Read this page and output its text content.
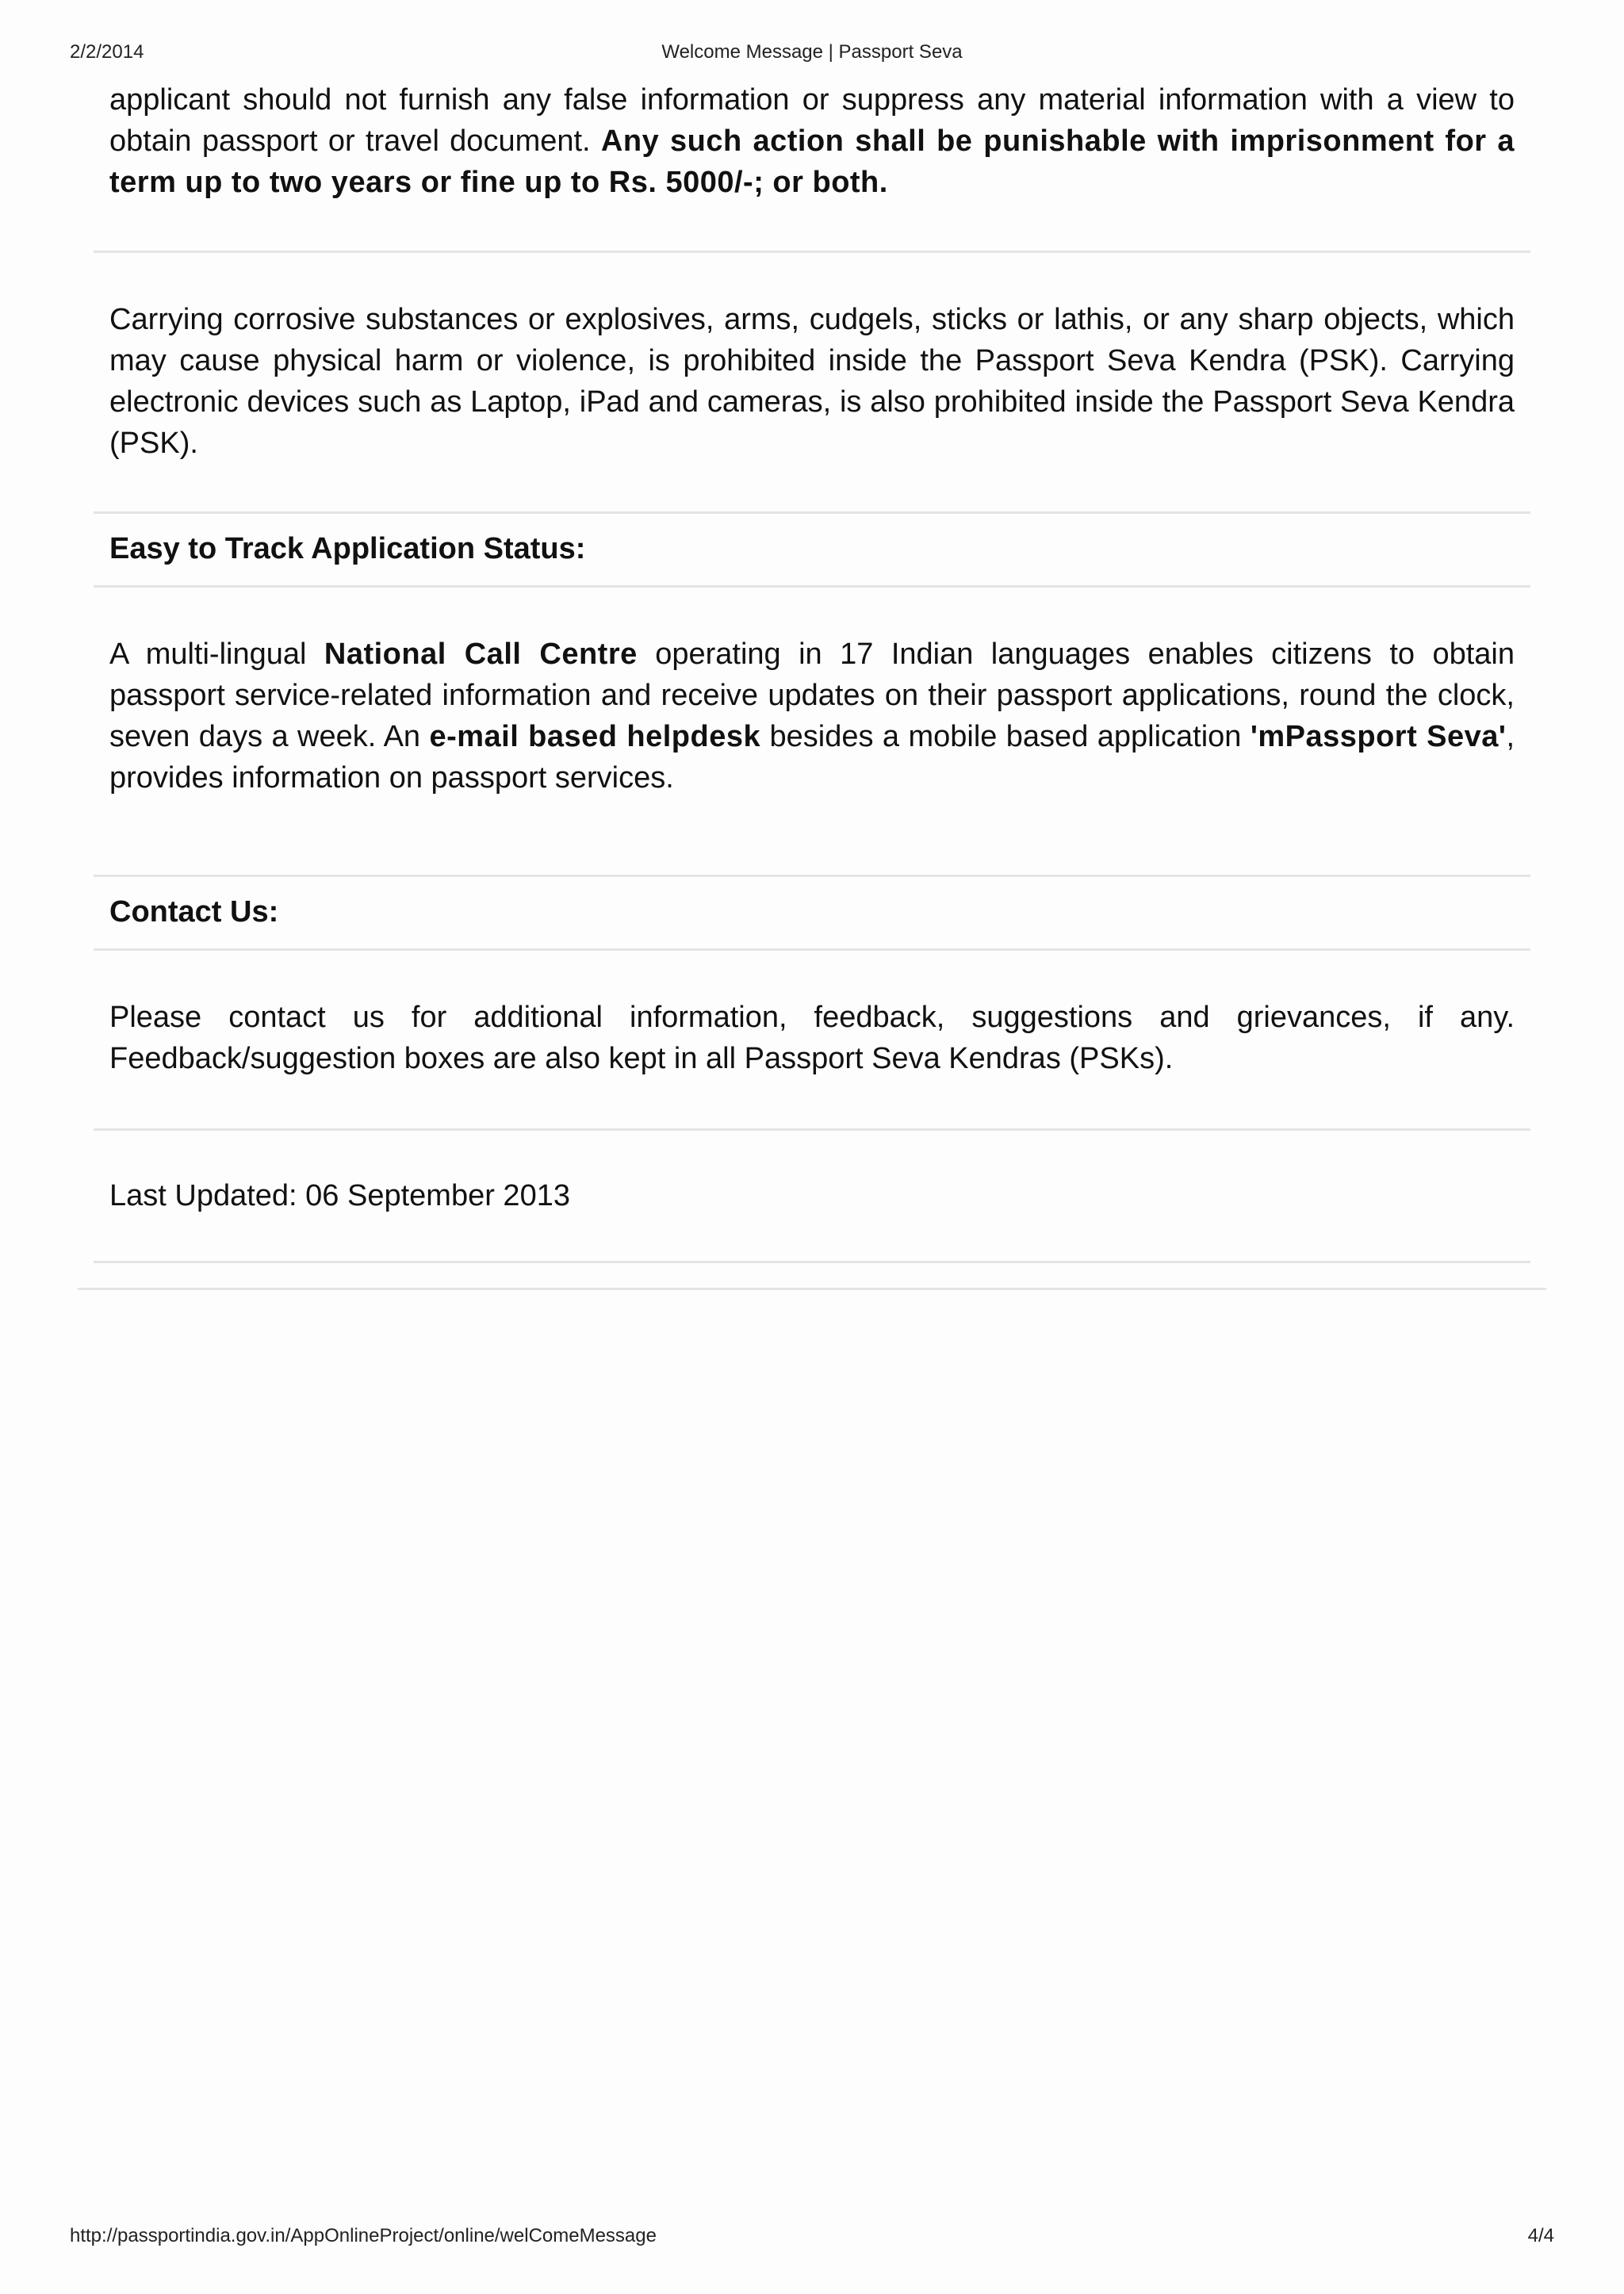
2/2/2014	Welcome Message | Passport Seva

applicant should not furnish any false information or suppress any material information with a view to obtain passport or travel document. Any such action shall be punishable with imprisonment for a term up to two years or fine up to Rs. 5000/-; or both.

Carrying corrosive substances or explosives, arms, cudgels, sticks or lathis, or any sharp objects, which may cause physical harm or violence, is prohibited inside the Passport Seva Kendra (PSK). Carrying electronic devices such as Laptop, iPad and cameras, is also prohibited inside the Passport Seva Kendra (PSK).

Easy to Track Application Status:

A multi-lingual National Call Centre operating in 17 Indian languages enables citizens to obtain passport service-related information and receive updates on their passport applications, round the clock, seven days a week. An e-mail based helpdesk besides a mobile based application 'mPassport Seva', provides information on passport services.

Contact Us:

Please contact us for additional information, feedback, suggestions and grievances, if any. Feedback/suggestion boxes are also kept in all Passport Seva Kendras (PSKs).

Last Updated: 06 September 2013

http://passportindia.gov.in/AppOnlineProject/online/welComeMessage	4/4
